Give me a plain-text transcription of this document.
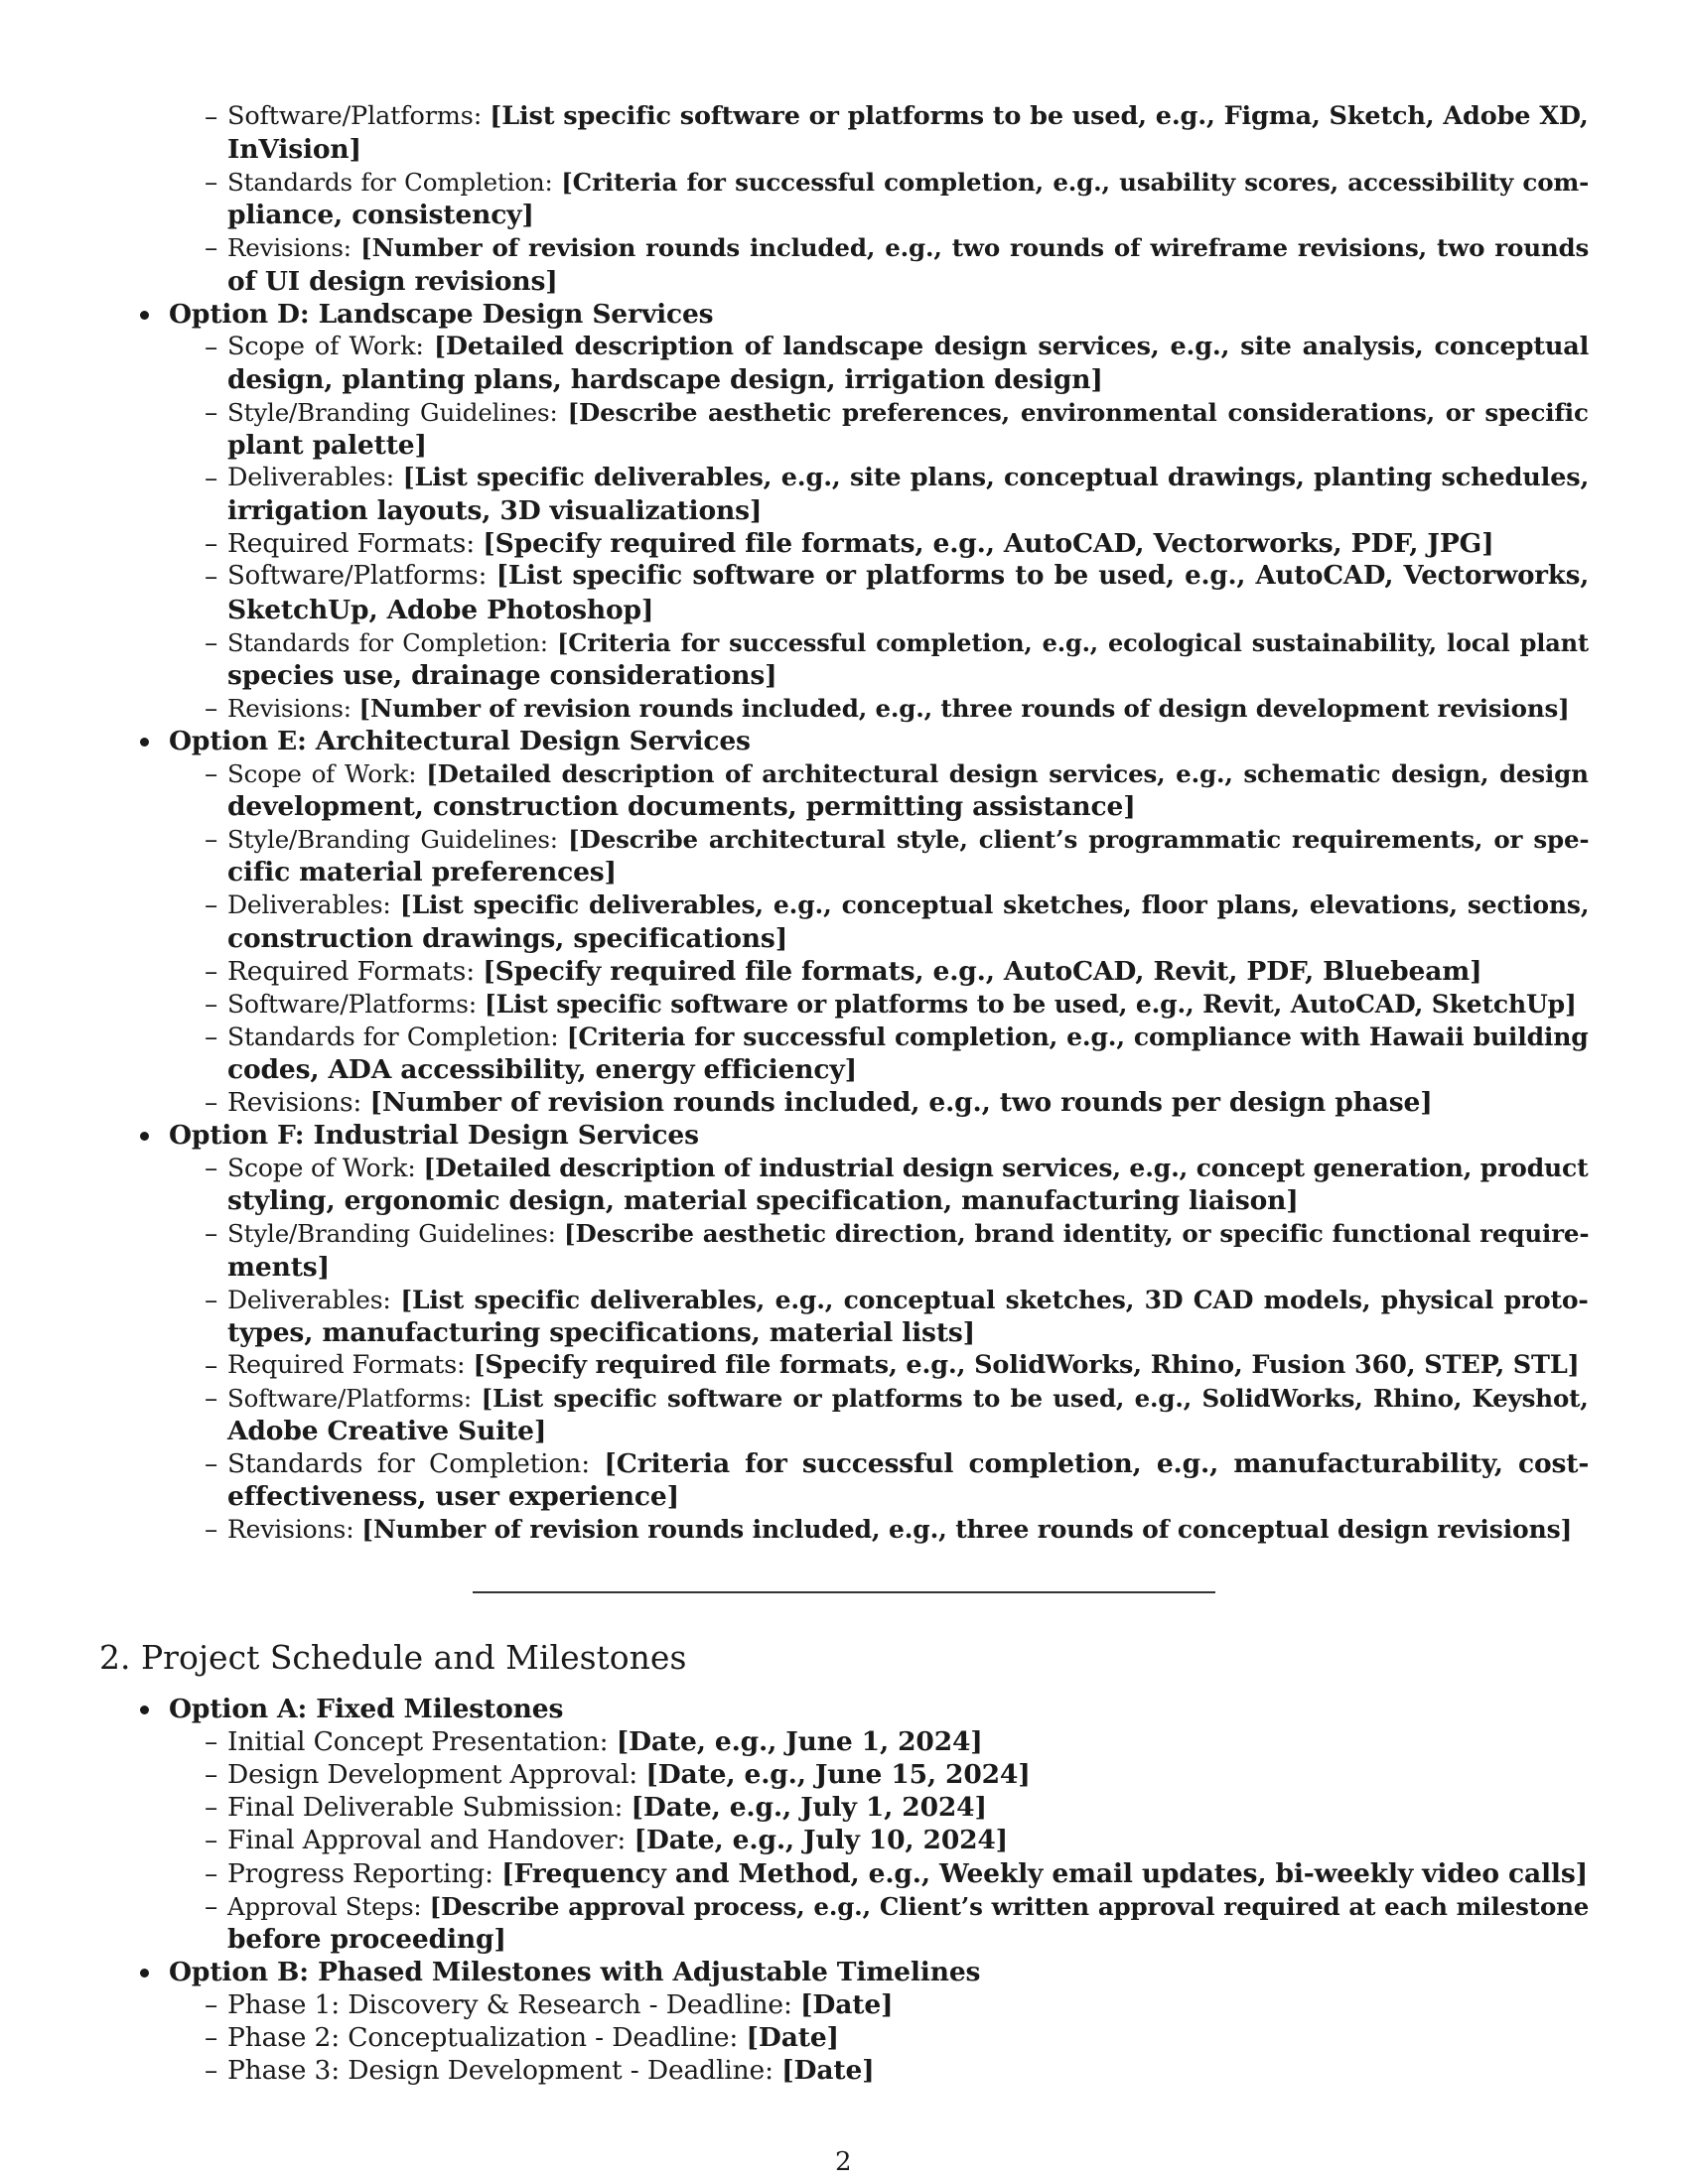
– Software/Platforms: [List specific software or platforms to be used, e.g., Figma, Sketch, Adobe XD,
InVision]
– Standards for Completion: [Criteria for successful completion, e.g., usability scores, accessibility com-
pliance, consistency]
– Revisions: [Number of revision rounds included, e.g., two rounds of wireframe revisions, two rounds
of UI design revisions]
Option D: Landscape Design Services
– Scope of Work: [Detailed description of landscape design services, e.g., site analysis, conceptual
design, planting plans, hardscape design, irrigation design]
– Style/Branding Guidelines: [Describe aesthetic preferences, environmental considerations, or specific
plant palette]
– Deliverables: [List specific deliverables, e.g., site plans, conceptual drawings, planting schedules,
irrigation layouts, 3D visualizations]
– Required Formats: [Specify required file formats, e.g., AutoCAD, Vectorworks, PDF, JPG]
– Software/Platforms: [List specific software or platforms to be used, e.g., AutoCAD, Vectorworks,
SketchUp, Adobe Photoshop]
– Standards for Completion: [Criteria for successful completion, e.g., ecological sustainability, local plant
species use, drainage considerations]
– Revisions: [Number of revision rounds included, e.g., three rounds of design development revisions]
Option E: Architectural Design Services
– Scope of Work: [Detailed description of architectural design services, e.g., schematic design, design
development, construction documents, permitting assistance]
– Style/Branding Guidelines: [Describe architectural style, client’s programmatic requirements, or spe-
cific material preferences]
– Deliverables: [List specific deliverables, e.g., conceptual sketches, floor plans, elevations, sections,
construction drawings, specifications]
– Required Formats: [Specify required file formats, e.g., AutoCAD, Revit, PDF, Bluebeam]
– Software/Platforms: [List specific software or platforms to be used, e.g., Revit, AutoCAD, SketchUp]
– Standards for Completion: [Criteria for successful completion, e.g., compliance with Hawaii building
codes, ADA accessibility, energy efficiency]
– Revisions: [Number of revision rounds included, e.g., two rounds per design phase]
Option F: Industrial Design Services
– Scope of Work: [Detailed description of industrial design services, e.g., concept generation, product
styling, ergonomic design, material specification, manufacturing liaison]
– Style/Branding Guidelines: [Describe aesthetic direction, brand identity, or specific functional require-
ments]
– Deliverables: [List specific deliverables, e.g., conceptual sketches, 3D CAD models, physical proto-
types, manufacturing specifications, material lists]
– Required Formats: [Specify required file formats, e.g., SolidWorks, Rhino, Fusion 360, STEP, STL]
– Software/Platforms: [List specific software or platforms to be used, e.g., SolidWorks, Rhino, Keyshot,
Adobe Creative Suite]
– Standards for Completion: [Criteria for successful completion, e.g., manufacturability, cost-
effectiveness, user experience]
– Revisions: [Number of revision rounds included, e.g., three rounds of conceptual design revisions]
2. Project Schedule and Milestones
Option A: Fixed Milestones
– Initial Concept Presentation: [Date, e.g., June 1, 2024]
– Design Development Approval: [Date, e.g., June 15, 2024]
– Final Deliverable Submission: [Date, e.g., July 1, 2024]
– Final Approval and Handover: [Date, e.g., July 10, 2024]
– Progress Reporting: [Frequency and Method, e.g., Weekly email updates, bi-weekly video calls]
– Approval Steps: [Describe approval process, e.g., Client’s written approval required at each milestone
before proceeding]
Option B: Phased Milestones with Adjustable Timelines
– Phase 1: Discovery & Research - Deadline: [Date]
– Phase 2: Conceptualization - Deadline: [Date]
– Phase 3: Design Development - Deadline: [Date]
2
